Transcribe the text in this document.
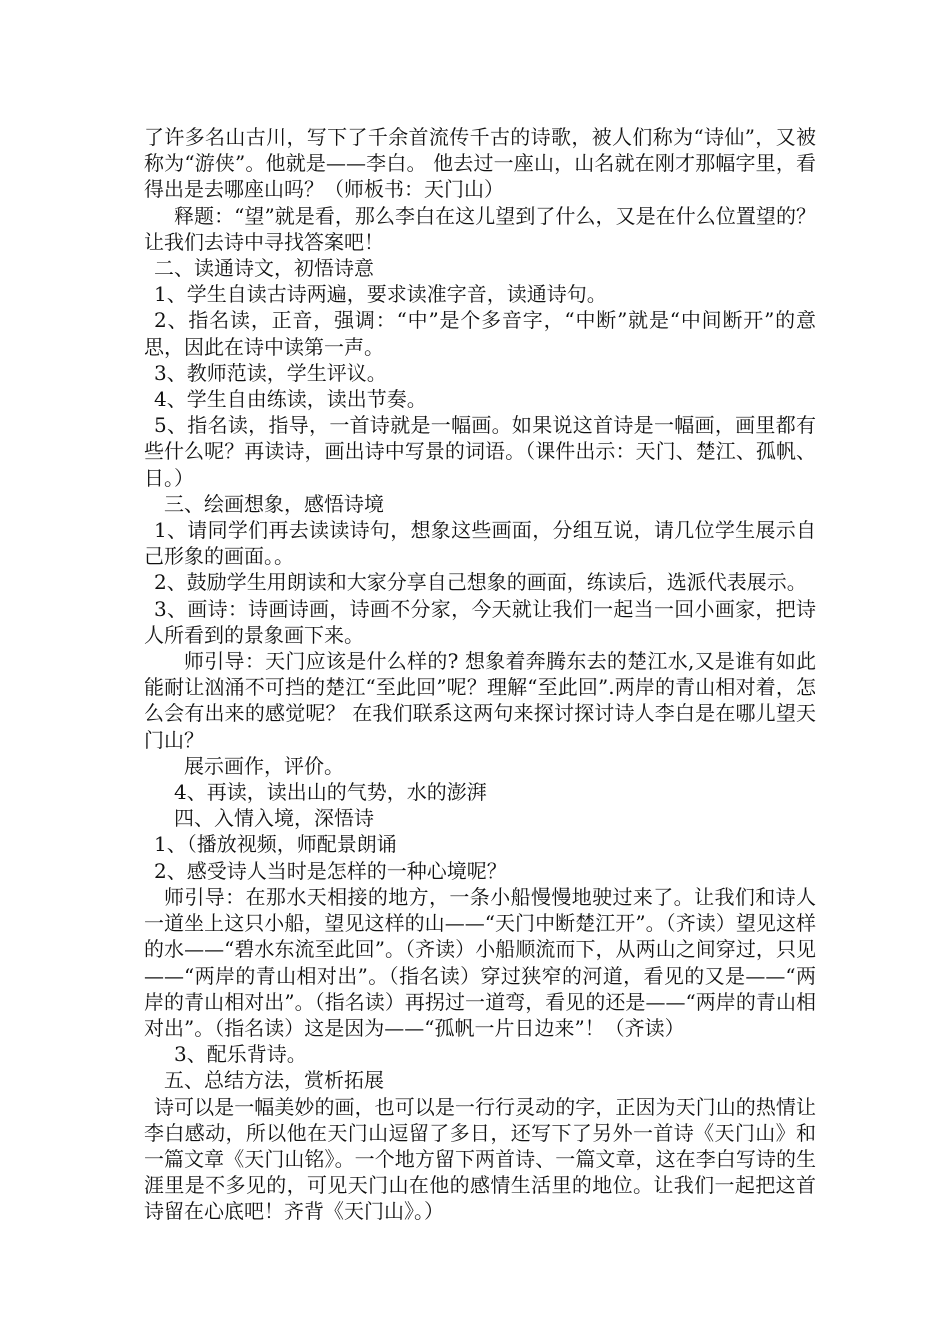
了许多名山古川，写下了千余首流传千古的诗歌，被人们称为“诗仙”，又被称为“游侠”。他就是——李白。 他去过一座山，山名就在刚才那幅字里，看得出是去哪座山吗？（师板书：天门山）

释题：“望”就是看，那么李白在这儿望到了什么，又是在什么位置望的？让我们去诗中寻找答案吧！

二、读通诗文，初悟诗意

1、学生自读古诗两遍，要求读准字音，读通诗句。

2、指名读，正音，强调：“中”是个多音字，“中断”就是“中间断开”的意思，因此在诗中读第一声。

3、教师范读，学生评议。

4、学生自由练读，读出节奏。

5、指名读，指导，一首诗就是一幅画。如果说这首诗是一幅画，画里都有些什么呢？再读诗，画出诗中写景的词语。（课件出示：天门、楚江、孤帆、日。）

三、绘画想象，感悟诗境

1、请同学们再去读读诗句，想象这些画面，分组互说，请几位学生展示自己形象的画面。。

2、鼓励学生用朗读和大家分享自己想象的画面，练读后，选派代表展示。

3、画诗：诗画诗画，诗画不分家，今天就让我们一起当一回小画家，把诗人所看到的景象画下来。

师引导：天门应该是什么样的? 想象着奔腾东去的楚江水,又是谁有如此能耐让汹涌不可挡的楚江“至此回”呢？理解“至此回”.两岸的青山相对着，怎么会有出来的感觉呢？ 在我们联系这两句来探讨探讨诗人李白是在哪儿望天门山？

展示画作，评价。

4、再读，读出山的气势，水的澎湃

四、入情入境，深悟诗

1、（播放视频，师配景朗诵

2、感受诗人当时是怎样的一种心境呢？

师引导：在那水天相接的地方，一条小船慢慢地驶过来了。让我们和诗人一道坐上这只小船，望见这样的山——“天门中断楚江开”。（齐读）望见这样的水——“碧水东流至此回”。（齐读）小船顺流而下，从两山之间穿过，只见——“两岸的青山相对出”。（指名读）穿过狭窄的河道，看见的又是——“两岸的青山相对出”。（指名读）再拐过一道弯，看见的还是——“两岸的青山相对出”。（指名读）这是因为——“孤帆一片日边来”！（齐读）

3、配乐背诗。

五、总结方法，赏析拓展

诗可以是一幅美妙的画，也可以是一行行灵动的字，正因为天门山的热情让李白感动，所以他在天门山逗留了多日，还写下了另外一首诗《天门山》和一篇文章《天门山铭》。一个地方留下两首诗、一篇文章，这在李白写诗的生涯里是不多见的，可见天门山在他的感情生活里的地位。让我们一起把这首诗留在心底吧！齐背《天门山》。）
